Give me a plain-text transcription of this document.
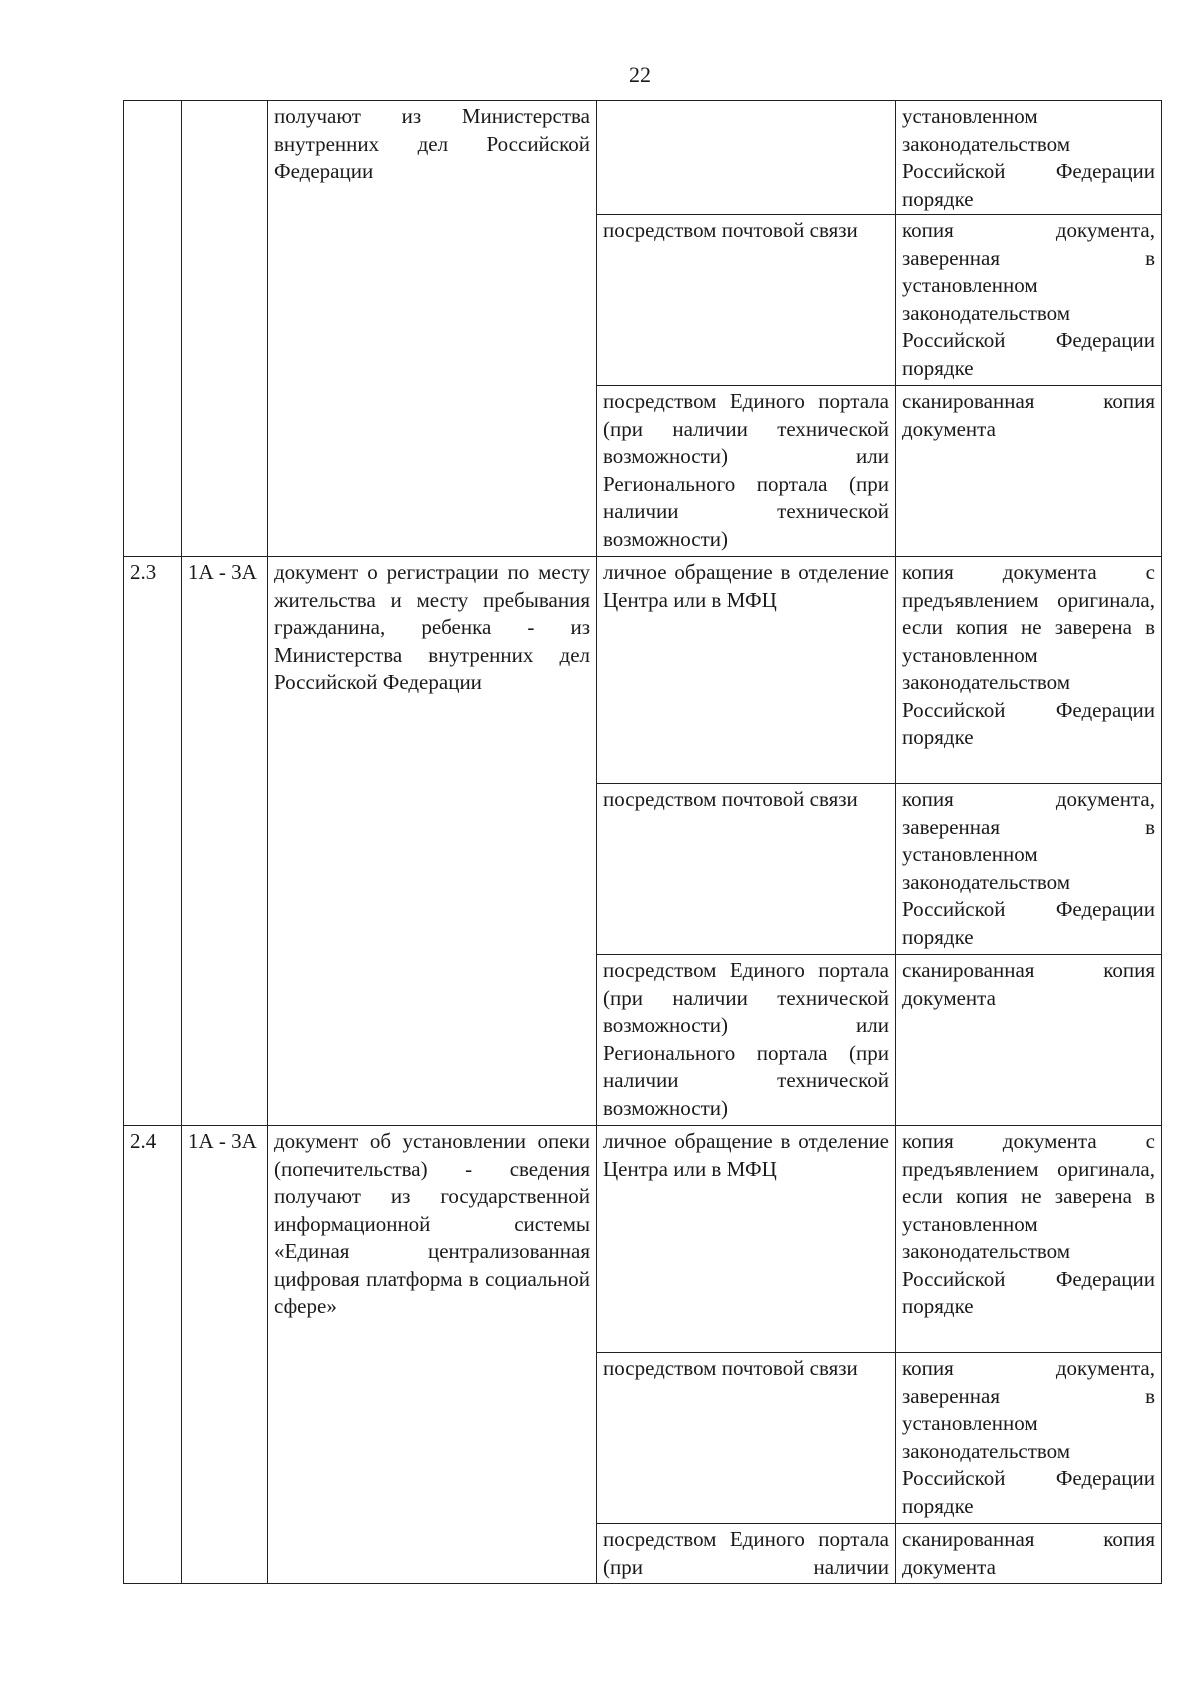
22
		получают из Министерства внутренних дел Российской Федерации		установленном законодательством Российской Федерации порядке
			посредством почтовой связи	копия документа, заверенная в установленном законодательством Российской Федерации порядке
			посредством Единого портала (при наличии технической возможности) или Регионального портала (при наличии технической возможности)	сканированная копия документа
2.3	1А - 3А	документ о регистрации по месту жительства и месту пребывания гражданина, ребенка - из Министерства внутренних дел Российской Федерации	личное обращение в отделение Центра или в МФЦ	копия документа с предъявлением оригинала, если копия не заверена в установленном законодательством Российской Федерации порядке
			посредством почтовой связи	копия документа, заверенная в установленном законодательством Российской Федерации порядке
			посредством Единого портала (при наличии технической возможности) или Регионального портала (при наличии технической возможности)	сканированная копия документа
2.4	1А - 3А	документ об установлении опеки (попечительства) - сведения получают из государственной информационной системы «Единая централизованная цифровая платформа в социальной сфере»	личное обращение в отделение Центра или в МФЦ	копия документа с предъявлением оригинала, если копия не заверена в установленном законодательством Российской Федерации порядке
			посредством почтовой связи	копия документа, заверенная в установленном законодательством Российской Федерации порядке
			посредством Единого портала (при наличии	сканированная копия документа
